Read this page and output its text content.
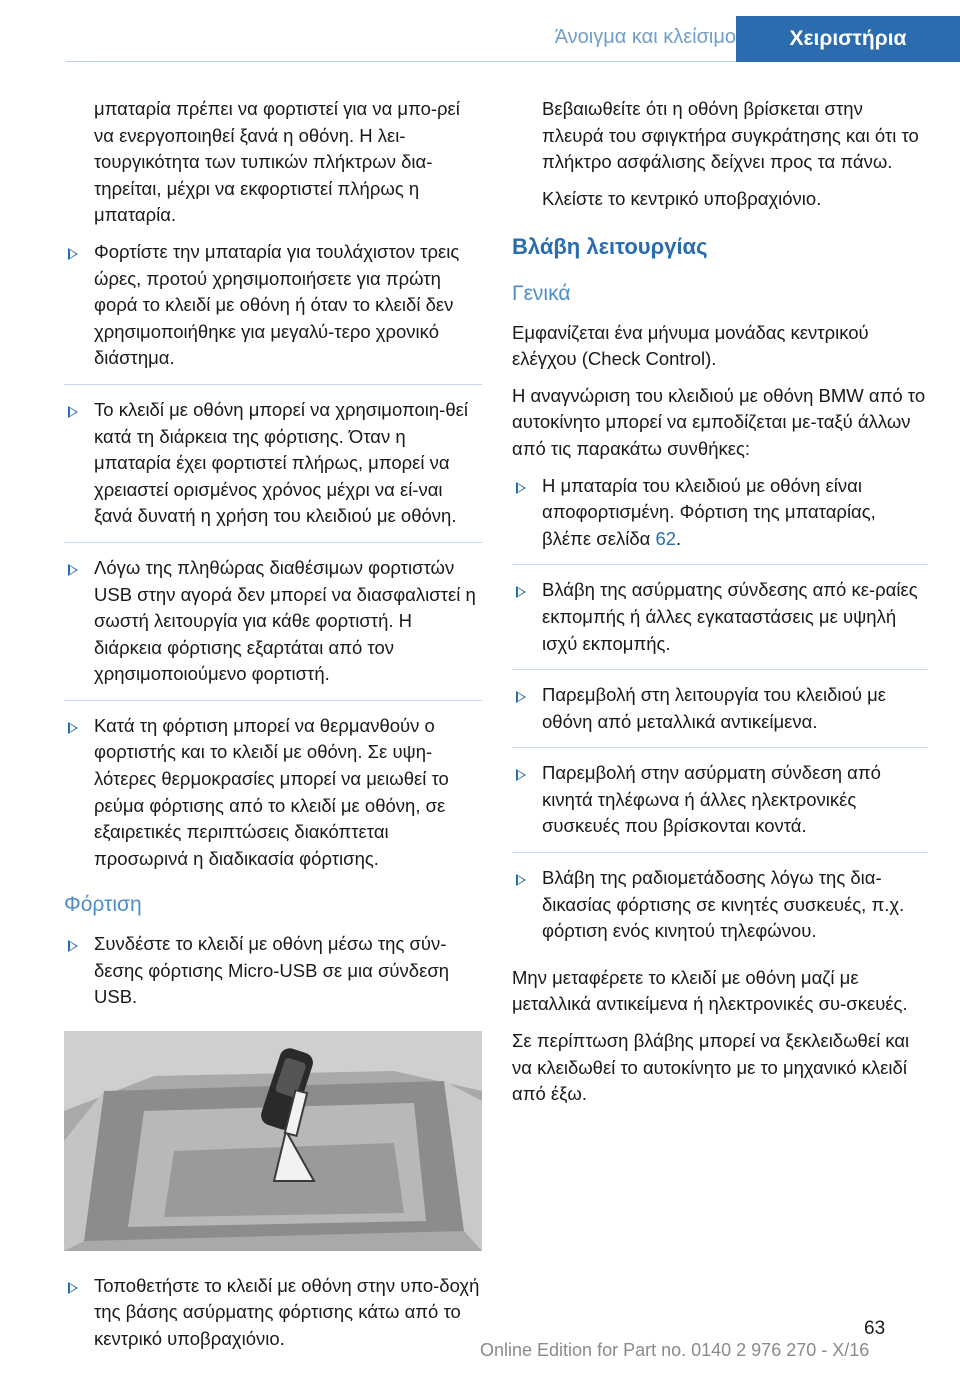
Άνοιγμα και κλείσιμο	Χειριστήρια

μπαταρία πρέπει να φορτιστεί για να μπο-ρεί να ενεργοποιηθεί ξανά η οθόνη. Η λει-τουργικότητα των τυπικών πλήκτρων δια-τηρείται, μέχρι να εκφορτιστεί πλήρως η μπαταρία.

Φορτίστε την μπαταρία για τουλάχιστον τρεις ώρες, προτού χρησιμοποιήσετε για πρώτη φορά το κλειδί με οθόνη ή όταν το κλειδί δεν χρησιμοποιήθηκε για μεγαλύ-τερο χρονικό διάστημα.
Το κλειδί με οθόνη μπορεί να χρησιμοποιη-θεί κατά τη διάρκεια της φόρτισης. Όταν η μπαταρία έχει φορτιστεί πλήρως, μπορεί να χρειαστεί ορισμένος χρόνος μέχρι να εί-ναι ξανά δυνατή η χρήση του κλειδιού με οθόνη.
Λόγω της πληθώρας διαθέσιμων φορτιστών USB στην αγορά δεν μπορεί να διασφαλιστεί η σωστή λειτουργία για κάθε φορτιστή. Η διάρκεια φόρτισης εξαρτάται από τον χρησιμοποιούμενο φορτιστή.
Κατά τη φόρτιση μπορεί να θερμανθούν ο φορτιστής και το κλειδί με οθόνη. Σε υψη-λότερες θερμοκρασίες μπορεί να μειωθεί το ρεύμα φόρτισης από το κλειδί με οθόνη, σε εξαιρετικές περιπτώσεις διακόπτεται προσωρινά η διαδικασία φόρτισης.
Φόρτιση
Συνδέστε το κλειδί με οθόνη μέσω της σύν-δεσης φόρτισης Micro-USB σε μια σύνδεση USB.
Τοποθετήστε το κλειδί με οθόνη στην υπο-δοχή της βάσης ασύρματης φόρτισης κάτω από το κεντρικό υποβραχιόνιο.

Βεβαιωθείτε ότι η οθόνη βρίσκεται στην πλευρά του σφιγκτήρα συγκράτησης και ότι το πλήκτρο ασφάλισης δείχνει προς τα πάνω.

Κλείστε το κεντρικό υποβραχιόνιο.

Βλάβη λειτουργίας
Γενικά

Εμφανίζεται ένα μήνυμα μονάδας κεντρικού ελέγχου (Check Control).

Η αναγνώριση του κλειδιού με οθόνη BMW από το αυτοκίνητο μπορεί να εμποδίζεται με-ταξύ άλλων από τις παρακάτω συνθήκες:

Η μπαταρία του κλειδιού με οθόνη είναι αποφορτισμένη. Φόρτιση της μπαταρίας, βλέπε σελίδα 62.
Βλάβη της ασύρματης σύνδεσης από κε-ραίες εκπομπής ή άλλες εγκαταστάσεις με υψηλή ισχύ εκπομπής.
Παρεμβολή στη λειτουργία του κλειδιού με οθόνη από μεταλλικά αντικείμενα.
Παρεμβολή στην ασύρματη σύνδεση από κινητά τηλέφωνα ή άλλες ηλεκτρονικές συσκευές που βρίσκονται κοντά.
Βλάβη της ραδιομετάδοσης λόγω της δια-δικασίας φόρτισης σε κινητές συσκευές, π.χ. φόρτιση ενός κινητού τηλεφώνου.

Μην μεταφέρετε το κλειδί με οθόνη μαζί με μεταλλικά αντικείμενα ή ηλεκτρονικές συ-σκευές.

Σε περίπτωση βλάβης μπορεί να ξεκλειδωθεί και να κλειδωθεί το αυτοκίνητο με το μηχανικό κλειδί από έξω.

63
Online Edition for Part no. 0140 2 976 270 - X/16
